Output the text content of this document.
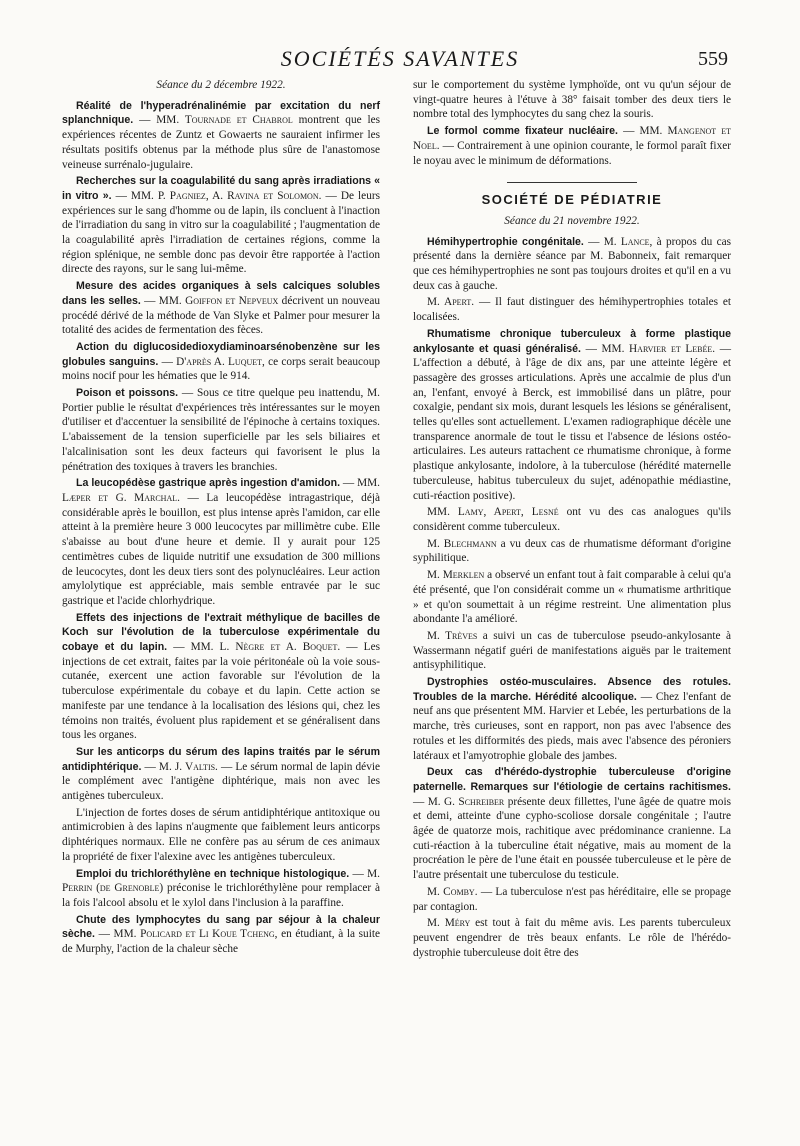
SOCIÉTÉS SAVANTES	559
Séance du 2 décembre 1922.
Réalité de l'hyperadrénalinémie par excitation du nerf splanchnique. — MM. Tournade et Chabrol montrent que les expériences récentes de Zuntz et Gowaerts ne sauraient infirmer les résultats positifs obtenus par la méthode plus sûre de l'anastomose veineuse surrénalo-jugulaire.
Recherches sur la coagulabilité du sang après irradiations « in vitro ». — MM. P. Pagniez, A. Ravina et Solomon. — De leurs expériences sur le sang d'homme ou de lapin, ils concluent à l'inaction de l'irradiation du sang in vitro sur la coagulabilité ; l'augmentation de la coagulabilité après l'irradiation de certaines régions, comme la région splénique, ne semble donc pas devoir être rapportée à l'action directe des rayons, sur le sang lui-même.
Mesure des acides organiques à sels calciques solubles dans les selles. — MM. Goiffon et Nepveux décrivent un nouveau procédé dérivé de la méthode de Van Slyke et Palmer pour mesurer la totalité des acides de fermentation des fèces.
Action du diglucosidedioxydiaminoarsénobenzène sur les globules sanguins. — D'après A. Luquet, ce corps serait beaucoup moins nocif pour les hématies que le 914.
Poison et poissons. — Sous ce titre quelque peu inattendu, M. Portier publie le résultat d'expériences très intéressantes sur le moyen d'utiliser et d'accentuer la sensibilité de l'épinoche à certains toxiques. L'abaissement de la tension superficielle par les sels biliaires et l'alcalinisation sont les deux facteurs qui favorisent le plus la pénétration des toxiques à travers les branchies.
La leucopédèse gastrique après ingestion d'amidon. — MM. Læper et G. Marchal. — La leucopédèse intragastrique, déjà considérable après le bouillon, est plus intense après l'amidon, car elle atteint à la première heure 3 000 leucocytes par millimètre cube. Elle s'abaisse au bout d'une heure et demie. Il y aurait pour 125 centimètres cubes de liquide nutritif une exsudation de 300 millions de leucocytes, dont les deux tiers sont des polynucléaires. Leur action amylolytique est appréciable, mais semble entravée par le suc gastrique et l'acide chlorhydrique.
Effets des injections de l'extrait méthylique de bacilles de Koch sur l'évolution de la tuberculose expérimentale du cobaye et du lapin. — MM. L. Nègre et A. Boquet. — Les injections de cet extrait, faites par la voie péritonéale où la voie sous-cutanée, exercent une action favorable sur l'évolution de la tuberculose expérimentale du cobaye et du lapin. Cette action se manifeste par une tendance à la localisation des lésions qui, chez les témoins non traités, évoluent plus rapidement et se généralisent dans tous les organes.
Sur les anticorps du sérum des lapins traités par le sérum antidiphtérique. — M. J. Valtis. — Le sérum normal de lapin dévie le complément avec l'antigène diphtérique, mais non avec les antigènes tuberculeux.
L'injection de fortes doses de sérum antidiphtérique antitoxique ou antimicrobien à des lapins n'augmente que faiblement leurs anticorps diphtériques normaux. Elle ne confère pas au sérum de ces animaux la propriété de fixer l'alexine avec les antigènes tuberculeux.
Emploi du trichloréthylène en technique histologique. — M. Perrin (de Grenoble) préconise le trichloréthylène pour remplacer à la fois l'alcool absolu et le xylol dans l'inclusion à la paraffine.
Chute des lymphocytes du sang par séjour à la chaleur sèche. — MM. Policard et Li Koue Tcheng, en étudiant, à la suite de Murphy, l'action de la chaleur sèche
sur le comportement du système lymphoïde, ont vu qu'un séjour de vingt-quatre heures à l'étuve à 38° faisait tomber des deux tiers le nombre total des lymphocytes du sang chez la souris.
Le formol comme fixateur nucléaire. — MM. Mangenot et Noel. — Contrairement à une opinion courante, le formol paraît fixer le noyau avec le minimum de déformations.
SOCIÉTÉ DE PÉDIATRIE
Séance du 21 novembre 1922.
Hémihypertrophie congénitale. — M. Lance, à propos du cas présenté dans la dernière séance par M. Babonneix, fait remarquer que ces hémihypertrophies ne sont pas toujours droites et qu'il en a vu deux cas à gauche.
M. Apert. — Il faut distinguer des hémihypertrophies totales et localisées.
Rhumatisme chronique tuberculeux à forme plastique ankylosante et quasi généralisé. — MM. Harvier et Lebée. — L'affection a débuté, à l'âge de dix ans, par une atteinte légère et passagère des grosses articulations. Après une accalmie de plus d'un an, l'enfant, envoyé à Berck, est immobilisé dans un plâtre, pour coxalgie, pendant six mois, durant lesquels les lésions se généralisent, telles qu'elles sont actuellement. L'examen radiographique décèle une transparence anormale de tout le tissu et l'absence de lésions ostéo-articulaires. Les auteurs rattachent ce rhumatisme chronique, à forme plastique ankylosante, indolore, à la tuberculose (hérédité maternelle tuberculeuse, habitus tuberculeux du sujet, adénopathie médiastine, cuti-réaction positive).
MM. Lamy, Apert, Lesné ont vu des cas analogues qu'ils considèrent comme tuberculeux.
M. Blechmann a vu deux cas de rhumatisme déformant d'origine syphilitique.
M. Merklen a observé un enfant tout à fait comparable à celui qu'a été présenté, que l'on considérait comme un « rhumatisme arthritique » et qu'on soumettait à un régime restreint. Une alimentation plus abondante l'a amélioré.
M. Trèves a suivi un cas de tuberculose pseudo-ankylosante à Wassermann négatif guéri de manifestations aiguës par le traitement antisyphilitique.
Dystrophies ostéo-musculaires. Absence des rotules. Troubles de la marche. Hérédité alcoolique. — Chez l'enfant de neuf ans que présentent MM. Harvier et Lebée, les perturbations de la marche, très curieuses, sont en rapport, non pas avec l'absence des rotules et les difformités des pieds, mais avec l'absence des péroniers latéraux et l'amyotrophie globale des jambes.
Deux cas d'hérédo-dystrophie tuberculeuse d'origine paternelle. Remarques sur l'étiologie de certains rachitismes. — M. G. Schreiber présente deux fillettes, l'une âgée de quatre mois et demi, atteinte d'une cypho-scoliose dorsale congénitale ; l'autre âgée de quatorze mois, rachitique avec prédominance cranienne. La cuti-réaction à la tuberculine était négative, mais au moment de la procréation le père de l'une était en poussée tuberculeuse et le père de l'autre présentait une tuberculose du testicule.
M. Comby. — La tuberculose n'est pas héréditaire, elle se propage par contagion.
M. Méry est tout à fait du même avis. Les parents tuberculeux peuvent engendrer de très beaux enfants. Le rôle de l'hérédo-dystrophie tuberculeuse doit être des
